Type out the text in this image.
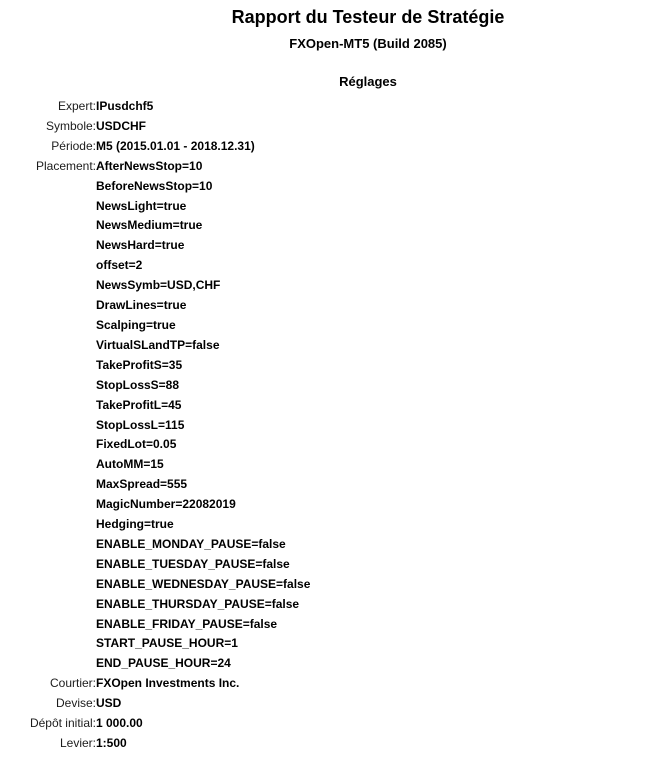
Rapport du Testeur de Stratégie
FXOpen-MT5 (Build 2085)
Réglages
Expert:	IPusdchf5
Symbole:	USDCHF
Période:	M5 (2015.01.01 - 2018.12.31)
Placement:	AfterNewsStop=10
	BeforeNewsStop=10
	NewsLight=true
	NewsMedium=true
	NewsHard=true
	offset=2
	NewsSymb=USD,CHF
	DrawLines=true
	Scalping=true
	VirtualSLandTP=false
	TakeProfitS=35
	StopLossS=88
	TakeProfitL=45
	StopLossL=115
	FixedLot=0.05
	AutoMM=15
	MaxSpread=555
	MagicNumber=22082019
	Hedging=true
	ENABLE_MONDAY_PAUSE=false
	ENABLE_TUESDAY_PAUSE=false
	ENABLE_WEDNESDAY_PAUSE=false
	ENABLE_THURSDAY_PAUSE=false
	ENABLE_FRIDAY_PAUSE=false
	START_PAUSE_HOUR=1
	END_PAUSE_HOUR=24
Courtier:	FXOpen Investments Inc.
Devise:	USD
Dépôt initial:	1 000.00
Levier:	1:500
